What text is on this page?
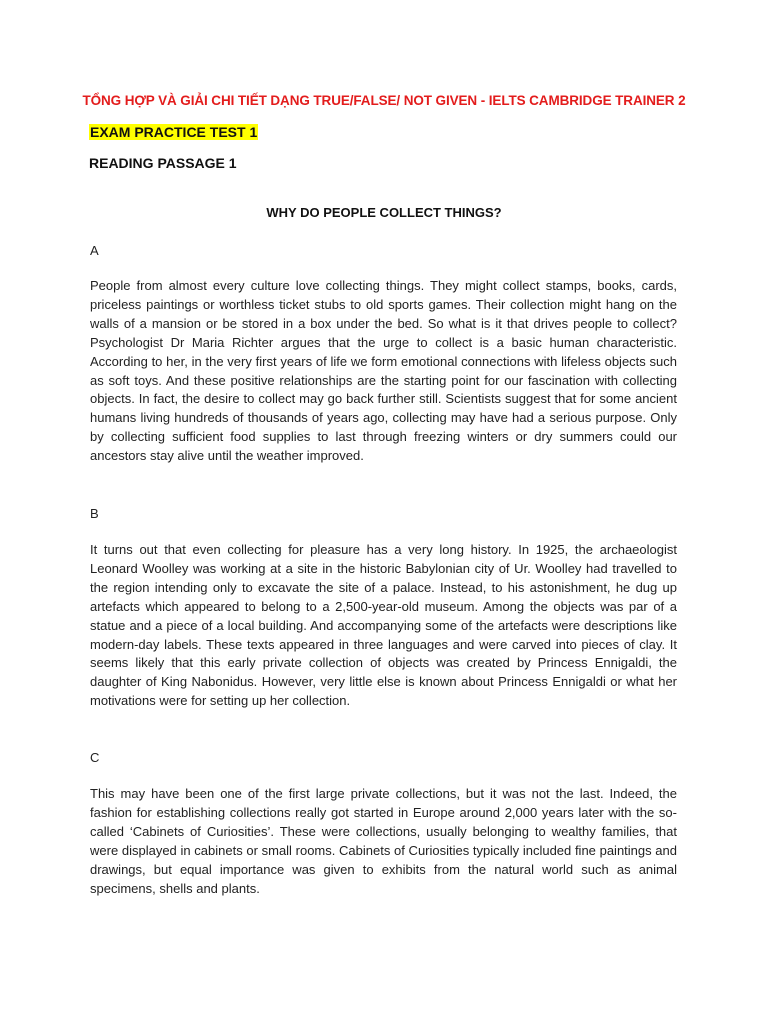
TỔNG HỢP VÀ GIẢI CHI TIẾT DẠNG TRUE/FALSE/ NOT GIVEN - IELTS CAMBRIDGE TRAINER 2
EXAM PRACTICE TEST 1
READING PASSAGE 1
WHY DO PEOPLE COLLECT THINGS?
A
People from almost every culture love collecting things. They might collect stamps, books, cards, priceless paintings or worthless ticket stubs to old sports games. Their collection might hang on the walls of a mansion or be stored in a box under the bed. So what is it that drives people to collect? Psychologist Dr Maria Richter argues that the urge to collect is a basic human characteristic. According to her, in the very first years of life we form emotional connections with lifeless objects such as soft toys. And these positive relationships are the starting point for our fascination with collecting objects. In fact, the desire to collect may go back further still. Scientists suggest that for some ancient humans living hundreds of thousands of years ago, collecting may have had a serious purpose. Only by collecting sufficient food supplies to last through freezing winters or dry summers could our ancestors stay alive until the weather improved.
B
It turns out that even collecting for pleasure has a very long history. In 1925, the archaeologist Leonard Woolley was working at a site in the historic Babylonian city of Ur. Woolley had travelled to the region intending only to excavate the site of a palace. Instead, to his astonishment, he dug up artefacts which appeared to belong to a 2,500-year-old museum. Among the objects was par of a statue and a piece of a local building. And accompanying some of the artefacts were descriptions like modern-day labels. These texts appeared in three languages and were carved into pieces of clay. It seems likely that this early private collection of objects was created by Princess Ennigaldi, the daughter of King Nabonidus. However, very little else is known about Princess Ennigaldi or what her motivations were for setting up her collection.
C
This may have been one of the first large private collections, but it was not the last. Indeed, the fashion for establishing collections really got started in Europe around 2,000 years later with the so-called ‘Cabinets of Curiosities’. These were collections, usually belonging to wealthy families, that were displayed in cabinets or small rooms. Cabinets of Curiosities typically included fine paintings and drawings, but equal importance was given to exhibits from the natural world such as animal specimens, shells and plants.
